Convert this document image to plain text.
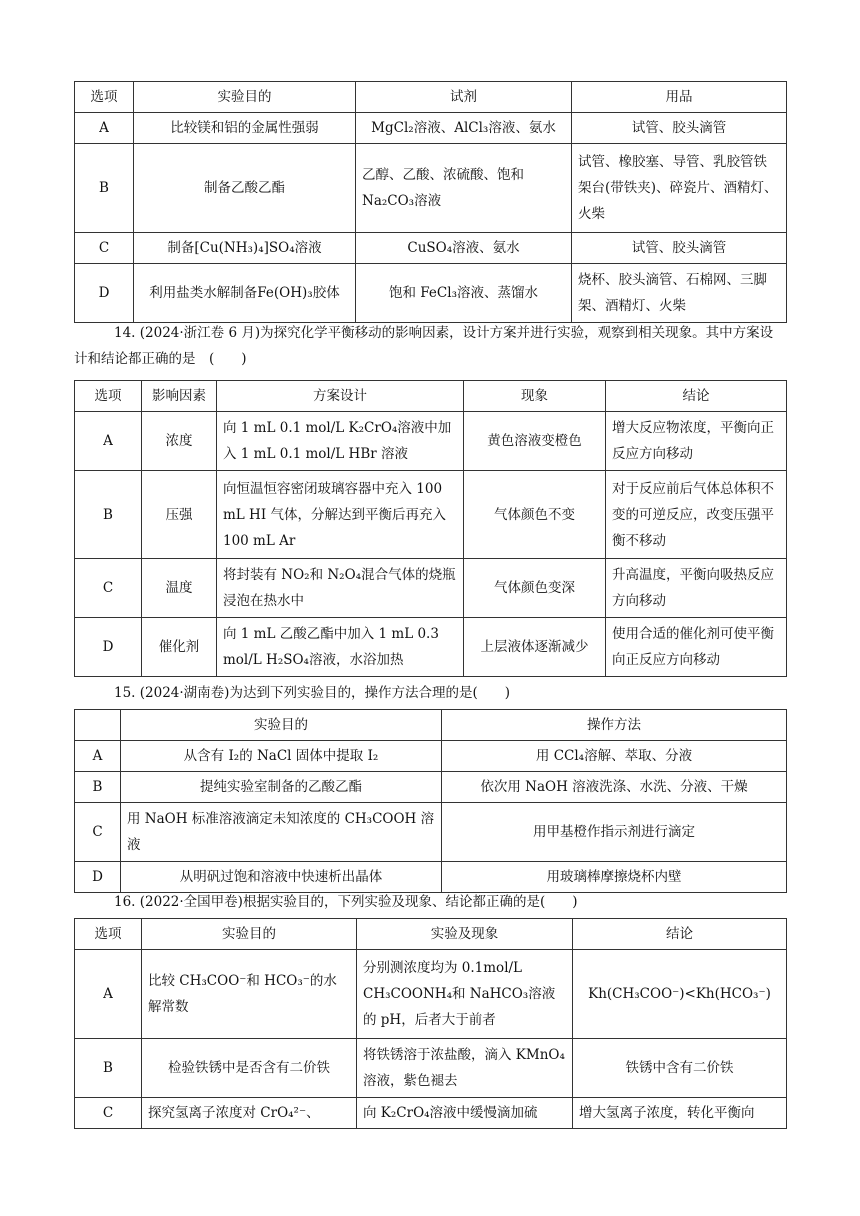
选项	实验目的	试剂	用品
A	比较镁和铝的金属性强弱	MgCl₂溶液、AlCl₃溶液、氨水	试管、胶头滴管
B	制备乙酸乙酯	乙醇、乙酸、浓硫酸、饱和Na₂CO₃溶液	试管、橡胶塞、导管、乳胶管铁架台(带铁夹)、碎瓷片、酒精灯、火柴
C	制备[Cu(NH₃)₄]SO₄溶液	CuSO₄溶液、氨水	试管、胶头滴管
D	利用盐类水解制备Fe(OH)₃胶体	饱和 FeCl₃溶液、蒸馏水	烧杯、胶头滴管、石棉网、三脚架、酒精灯、火柴

14. (2024·浙江卷 6 月)为探究化学平衡移动的影响因素，设计方案并进行实验，观察到相关现象。其中方案设计和结论都正确的是　(　　)

选项	影响因素	方案设计	现象	结论
A	浓度	向 1 mL 0.1 mol/L K₂CrO₄溶液中加入 1 mL 0.1 mol/L HBr 溶液	黄色溶液变橙色	增大反应物浓度，平衡向正反应方向移动
B	压强	向恒温恒容密闭玻璃容器中充入 100 mL HI 气体，分解达到平衡后再充入 100 mL Ar	气体颜色不变	对于反应前后气体总体积不变的可逆反应，改变压强平衡不移动
C	温度	将封装有 NO₂和 N₂O₄混合气体的烧瓶浸泡在热水中	气体颜色变深	升高温度，平衡向吸热反应方向移动
D	催化剂	向 1 mL 乙酸乙酯中加入 1 mL 0.3 mol/L H₂SO₄溶液，水浴加热	上层液体逐渐减少	使用合适的催化剂可使平衡向正反应方向移动

15. (2024·湖南卷)为达到下列实验目的，操作方法合理的是(　　)

	实验目的	操作方法
A	从含有 I₂的 NaCl 固体中提取 I₂	用 CCl₄溶解、萃取、分液
B	提纯实验室制备的乙酸乙酯	依次用 NaOH 溶液洗涤、水洗、分液、干燥
C	用 NaOH 标准溶液滴定未知浓度的 CH₃COOH 溶液	用甲基橙作指示剂进行滴定
D	从明矾过饱和溶液中快速析出晶体	用玻璃棒摩擦烧杯内壁

16. (2022·全国甲卷)根据实验目的，下列实验及现象、结论都正确的是(　　)

选项	实验目的	实验及现象	结论
A	比较 CH₃COO⁻和 HCO₃⁻的水解常数	分别测浓度均为 0.1mol/L CH₃COONH₄和 NaHCO₃溶液的 pH，后者大于前者	Kh(CH₃COO⁻)<Kh(HCO₃⁻)
B	检验铁锈中是否含有二价铁	将铁锈溶于浓盐酸，滴入 KMnO₄溶液，紫色褪去	铁锈中含有二价铁
C	探究氢离子浓度对 CrO₄²⁻、	向 K₂CrO₄溶液中缓慢滴加硫	增大氢离子浓度，转化平衡向
